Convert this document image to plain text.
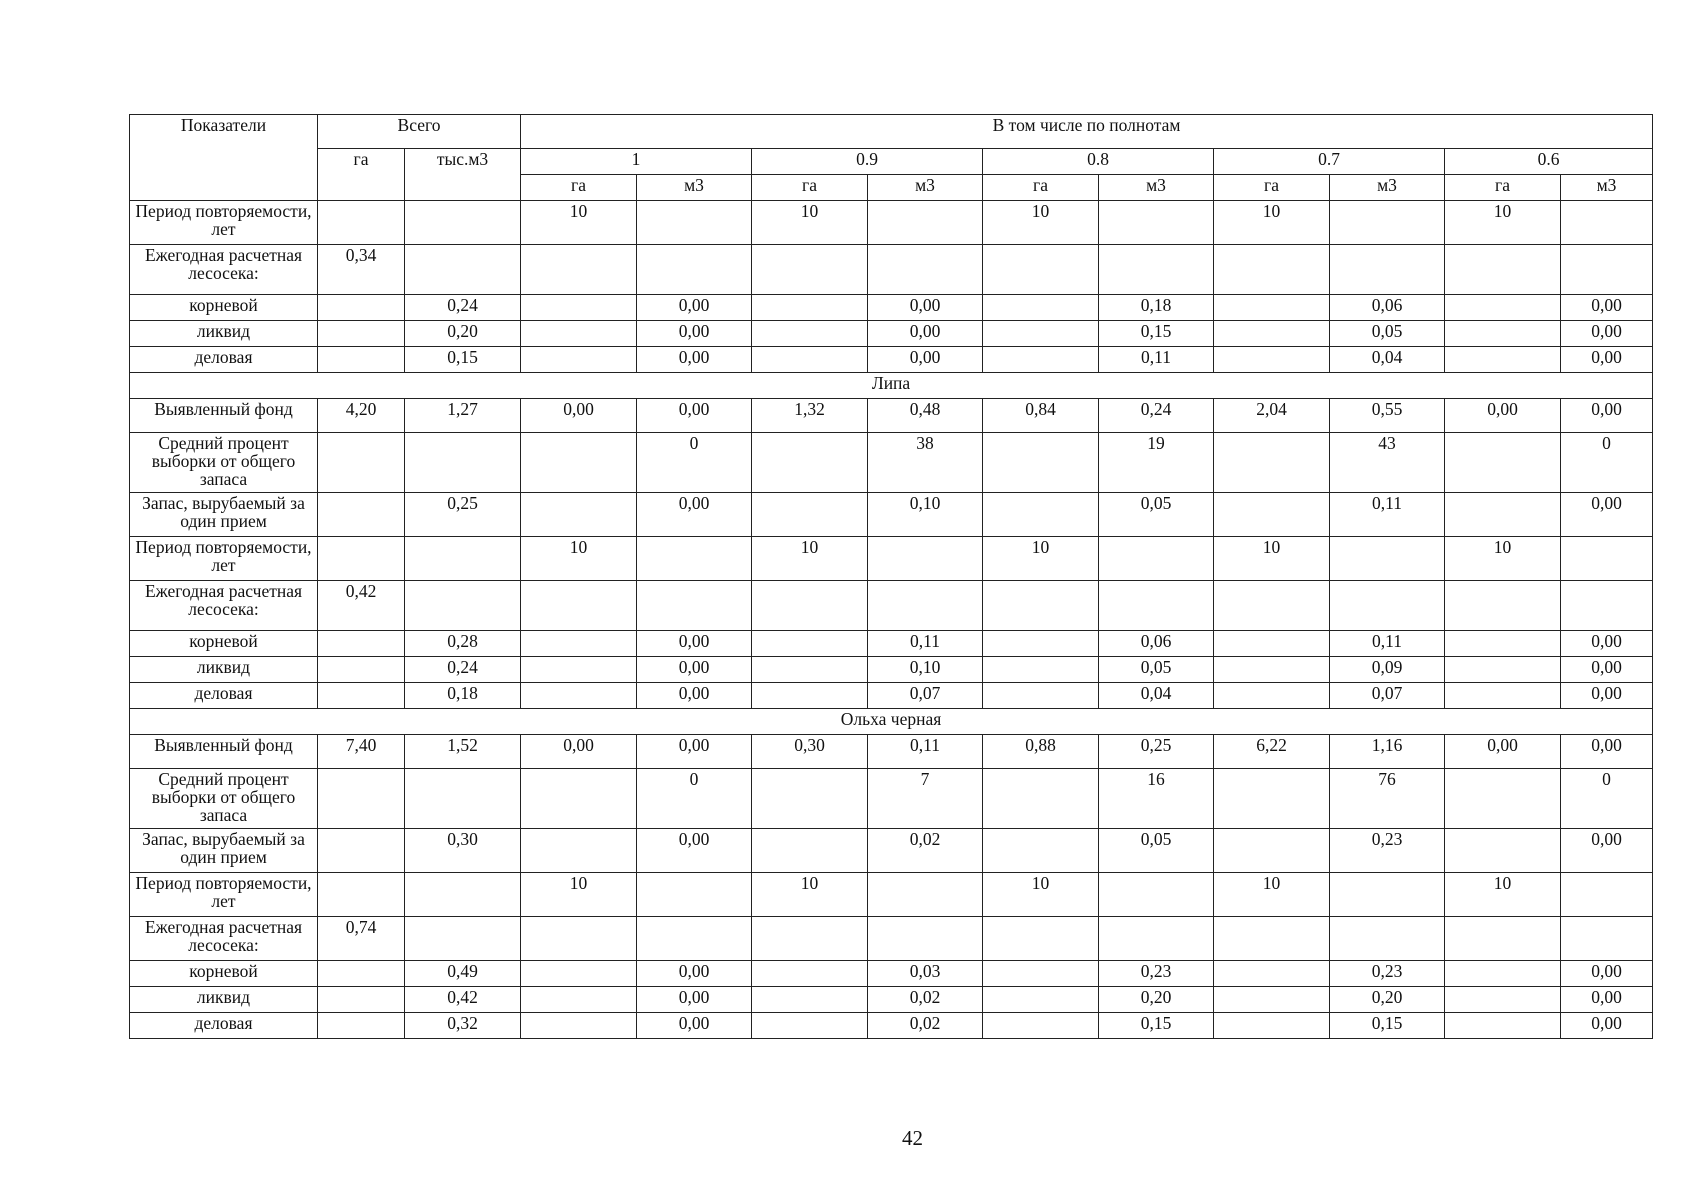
Показатели	Всего		В том числе по полнотам									
	га	тыс.м3	1		0.9		0.8		0.7		0.6	
			га	м3	га	м3	га	м3	га	м3	га	м3
Период повторяемости, лет			10		10		10		10		10	
Ежегодная расчетная лесосека:	0,34											
корневой		0,24		0,00		0,00		0,18		0,06		0,00
ликвид		0,20		0,00		0,00		0,15		0,05		0,00
деловая		0,15		0,00		0,00		0,11		0,04		0,00
Липа												
Выявленный фонд	4,20	1,27	0,00	0,00	1,32	0,48	0,84	0,24	2,04	0,55	0,00	0,00
Средний процент выборки от общего запаса				0		38		19		43		0
Запас, вырубаемый за один прием		0,25		0,00		0,10		0,05		0,11		0,00
Период повторяемости, лет			10		10		10		10		10	
Ежегодная расчетная лесосека:	0,42											
корневой		0,28		0,00		0,11		0,06		0,11		0,00
ликвид		0,24		0,00		0,10		0,05		0,09		0,00
деловая		0,18		0,00		0,07		0,04		0,07		0,00
Ольха черная												
Выявленный фонд	7,40	1,52	0,00	0,00	0,30	0,11	0,88	0,25	6,22	1,16	0,00	0,00
Средний процент выборки от общего запаса				0		7		16		76		0
Запас, вырубаемый за один прием		0,30		0,00		0,02		0,05		0,23		0,00
Период повторяемости, лет			10		10		10		10		10	
Ежегодная расчетная лесосека:	0,74											
корневой		0,49		0,00		0,03		0,23		0,23		0,00
ликвид		0,42		0,00		0,02		0,20		0,20		0,00
деловая		0,32		0,00		0,02		0,15		0,15		0,00
42
